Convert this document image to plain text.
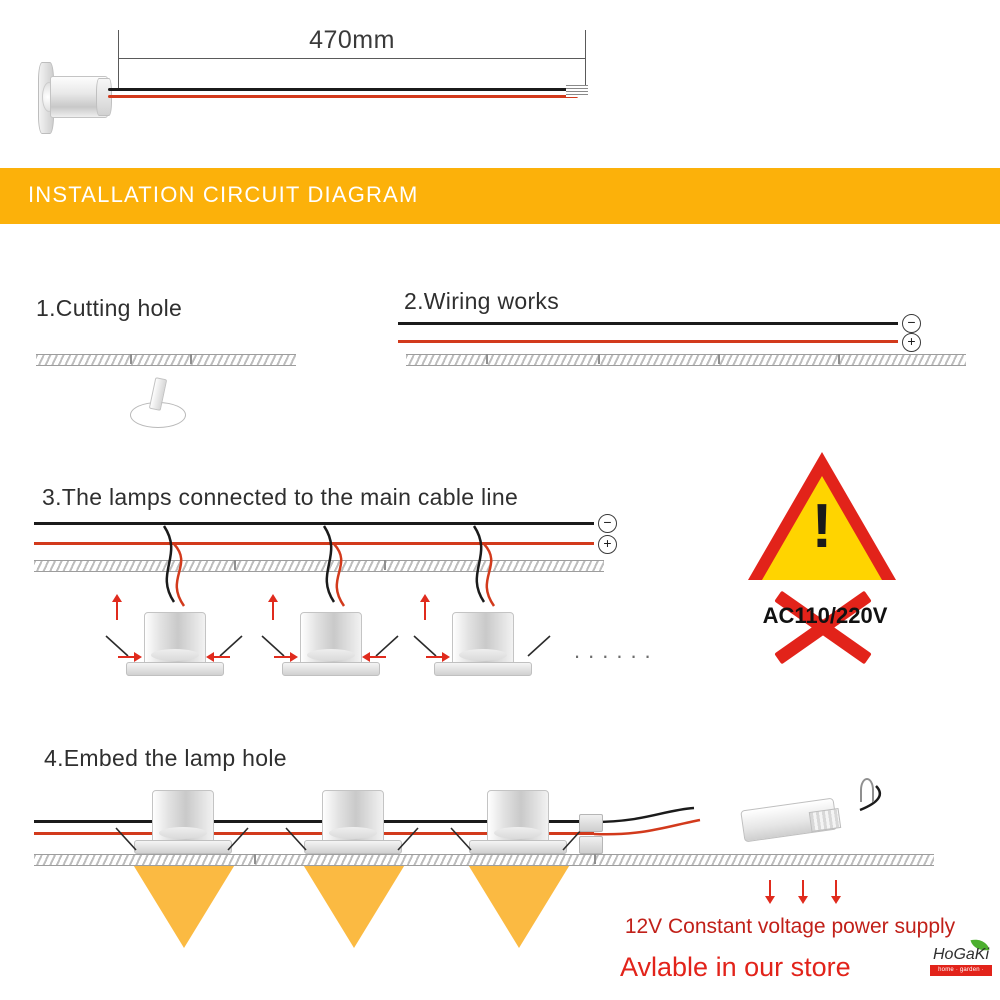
470mm
INSTALLATION CIRCUIT DIAGRAM
1.Cutting hole	2.Wiring works
−
+
3.The lamps connected to the main cable line
−
+
......
!
AC110/220V
4.Embed the lamp hole
12V Constant voltage power supply
Avlable in our store	HoGaKi
home · garden · kitchen
